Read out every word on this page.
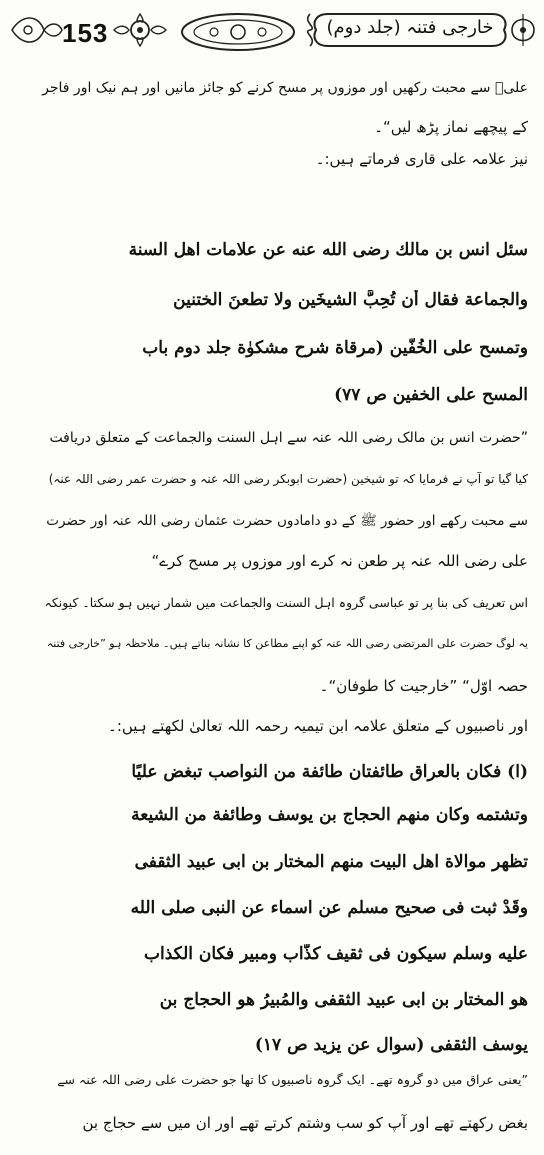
153	خارجی فتنہ (جلد دوم)
علیؓ سے محبت رکھیں اور موزوں پر مسح کرنے کو جائز مانیں اور ہم نیک اور فاجر
کے پیچھے نماز پڑھ لیں“۔
نیز علامہ علی قاری فرماتے ہیں:۔
سئل انس بن مالك رضى الله عنه عن علامات اهل السنة
والجماعة فقال أن تُحِبَّ الشيخَين ولا تطعنَ الختنين
وتمسح على الخُفَّين (مرقاة شرح مشكوٰة جلد دوم باب
المسح على الخفين ص ۷۷)
”حضرت انس بن مالک رضی اللہ عنہ سے اہل السنت والجماعت کے متعلق دریافت
کیا گیا تو آپ نے فرمایا کہ تو شیخین (حضرت ابوبکر رضی اللہ عنہ و حضرت عمر رضی اللہ عنہ)
سے محبت رکھے اور حضور ﷺ کے دو دامادوں حضرت عثمان رضی اللہ عنہ اور حضرت
علی رضی اللہ عنہ پر طعن نہ کرے اور موزوں پر مسح کرے“
اس تعریف کی بنا پر تو عباسی گروہ اہل السنت والجماعت میں شمار نہیں ہو سکتا۔ کیونکہ
یہ لوگ حضرت علی المرتضی رضی اللہ عنہ کو اپنے مطاعن کا نشانہ بناتے ہیں۔ ملاحظہ ہو ”خارجی فتنہ
حصہ اوّل“ ”خارجیت کا طوفان“۔
اور ناصبیوں کے متعلق علامہ ابن تیمیہ رحمہ اللہ تعالیٰ لکھتے ہیں:۔
(ا) فكان بالعراق طائفتان طائفة من النواصب تبغض عليًا
وتشتمه وكان منهم الحجاج بن يوسف وطائفة من الشيعة
تظهر موالاة اهل البيت منهم المختار بن ابى عبيد الثقفى
وقَدْ ثبت فى صحيح مسلم عن اسماء عن النبى صلى الله
عليه وسلم سيكون فى ثقيف كذّاب ومبير فكان الكذاب
هو المختار بن ابى عبيد الثقفى والمُبيرُ هو الحجاج بن
يوسف الثقفى (سوال عن يزيد ص ۱۷)
”یعنی عراق میں دو گروہ تھے۔ ایک گروہ ناصبیوں کا تھا جو حضرت علی رضی اللہ عنہ سے
بغض رکھتے تھے اور آپ کو سب وشتم کرتے تھے اور ان میں سے حجاج بن
